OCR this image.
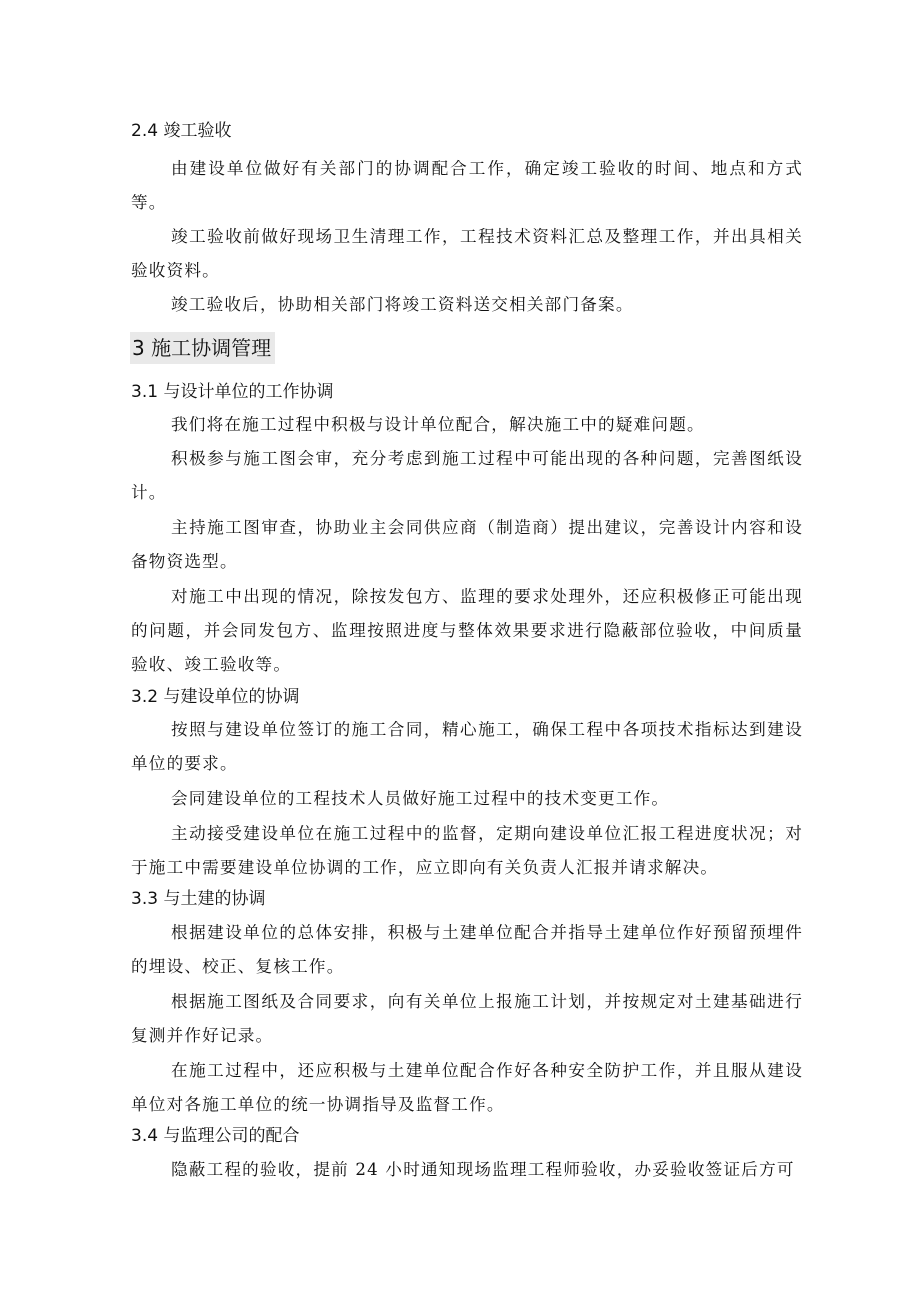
2.4 竣工验收

由建设单位做好有关部门的协调配合工作，确定竣工验收的时间、地点和方式等。

竣工验收前做好现场卫生清理工作，工程技术资料汇总及整理工作，并出具相关验收资料。

竣工验收后，协助相关部门将竣工资料送交相关部门备案。

3 施工协调管理
3.1 与设计单位的工作协调

我们将在施工过程中积极与设计单位配合，解决施工中的疑难问题。

积极参与施工图会审，充分考虑到施工过程中可能出现的各种问题，完善图纸设计。

主持施工图审查，协助业主会同供应商（制造商）提出建议，完善设计内容和设备物资选型。

对施工中出现的情况，除按发包方、监理的要求处理外，还应积极修正可能出现的问题，并会同发包方、监理按照进度与整体效果要求进行隐蔽部位验收，中间质量验收、竣工验收等。

3.2 与建设单位的协调

按照与建设单位签订的施工合同，精心施工，确保工程中各项技术指标达到建设单位的要求。

会同建设单位的工程技术人员做好施工过程中的技术变更工作。

主动接受建设单位在施工过程中的监督，定期向建设单位汇报工程进度状况；对于施工中需要建设单位协调的工作，应立即向有关负责人汇报并请求解决。

3.3 与土建的协调

根据建设单位的总体安排，积极与土建单位配合并指导土建单位作好预留预埋件的埋设、校正、复核工作。

根据施工图纸及合同要求，向有关单位上报施工计划，并按规定对土建基础进行复测并作好记录。

在施工过程中，还应积极与土建单位配合作好各种安全防护工作，并且服从建设单位对各施工单位的统一协调指导及监督工作。

3.4 与监理公司的配合

隐蔽工程的验收，提前 24 小时通知现场监理工程师验收，办妥验收签证后方可
